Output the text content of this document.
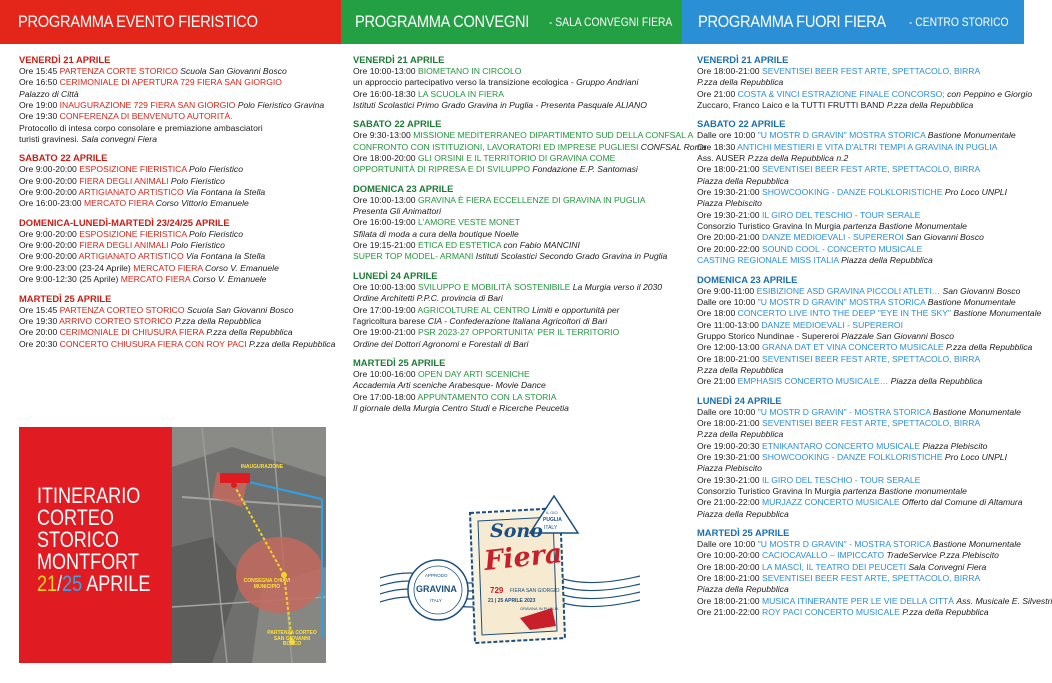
PROGRAMMA EVENTO FIERISTICO	PROGRAMMA CONVEGNI - SALA CONVEGNI FIERA PROGRAMMA FUORI FIERA - CENTRO STORICO
VENERDÌ 21 APRILE
Ore 15:45 PARTENZA CORTE STORICO Scuola San Giovanni Bosco
Ore 16:50 CERIMONIALE DI APERTURA 729 FIERA SAN GIORGIO
Palazzo di Città
Ore 19:00 INAUGURAZIONE 729 FIERA SAN GIORGIO Polo Fieristico Gravina
Ore 19:30 CONFERENZA DI BENVENUTO AUTORITÀ.
Protocollo di intesa corpo consolare e premiazione ambasciatori
turisti gravinesi. Sala convegni Fiera
SABATO 22 APRILE
Ore 9:00-20:00 ESPOSIZIONE FIERISTICA Polo Fieristico
Ore 9:00-20:00 FIERA DEGLI ANIMALI Polo Fieristico
Ore 9:00-20:00 ARTIGIANATO ARTISTICO Via Fontana la Stella
Ore 16:00-23:00 MERCATO FIERA Corso Vittorio Emanuele
DOMENICA-LUNEDÌ-MARTEDÌ 23/24/25 APRILE
Ore 9:00-20:00 ESPOSIZIONE FIERISTICA Polo Fieristico
Ore 9:00-20:00 FIERA DEGLI ANIMALI Polo Fieristico
Ore 9:00-20:00 ARTIGIANATO ARTISTICO Via Fontana la Stella
Ore 9:00-23:00 (23-24 Aprile) MERCATO FIERA Corso V. Emanuele
Ore 9:00-12:30 (25 Aprile) MERCATO FIERA Corso V. Emanuele
MARTEDÌ 25 APRILE
Ore 15:45 PARTENZA CORTEO STORICO Scuola San Giovanni Bosco
Ore 19:30 ARRIVO CORTEO STORICO P.zza della Repubblica
Ore 20:00 CERIMONIALE DI CHIUSURA FIERA P.zza della Repubblica
Ore 20:30 CONCERTO CHIUSURA FIERA CON ROY PACI P.zza della Repubblica
VENERDÌ 21 APRILE
Ore 10:00-13:00 BIOMETANO IN CIRCOLO
un approccio partecipativo verso la transizione ecologica - Gruppo Andriani
Ore 16:00-18:30 LA SCUOLA IN FIERA
Istituti Scolastici Primo Grado Gravina in Puglia - Presenta Pasquale ALIANO
SABATO 22 APRILE
Ore 9:30-13:00 MISSIONE MEDITERRANEO DIPARTIMENTO SUD DELLA CONFSAL A
CONFRONTO CON ISTITUZIONI, LAVORATORI ED IMPRESE PUGLIESI CONFSAL Roma
Ore 18:00-20:00 GLI ORSINI E IL TERRITORIO DI GRAVINA COME
OPPORTUNITÀ DI RIPRESA E DI SVILUPPO Fondazione E.P. Santomasi
DOMENICA 23 APRILE
Ore 10:00-13:00 GRAVINA È FIERA ECCELLENZE DI GRAVINA IN PUGLIA
Presenta Gli Animattori
Ore 16:00-19:00 L'AMORE VESTE MONET
Sfilata di moda a cura della boutique Noelle
Ore 19:15-21:00 ETICA ED ESTETICA con Fabio MANCINI
SUPER TOP MODEL- ARMANI Istituti Scolastici Secondo Grado Gravina in Puglia
LUNEDÌ 24 APRILE
Ore 10:00-13:00 SVILUPPO E MOBILITÀ SOSTENIBILE La Murgia verso il 2030
Ordine Architetti P.P.C. provincia di Bari
Ore 17:00-19:00 AGRICOLTURE AL CENTRO Limiti e opportunità per
l'agricoltura barese CIA - Confederazione Italiana Agricoltori di Bari
Ore 19:00-21:00 PSR 2023-27 OPPORTUNITA' PER IL TERRITORIO
Ordine dei Dottori Agronomi e Forestali di Bari
MARTEDÌ 25 APRILE
Ore 10:00-16:00 OPEN DAY ARTI SCENICHE
Accademia Arti sceniche Arabesque- Movie Dance
Ore 17:00-18:00 APPUNTAMENTO CON LA STORIA
Il giornale della Murgia Centro Studi e Ricerche Peucetia
VENERDÌ 21 APRILE
Ore 18:00-21:00 SEVENTISEI BEER FEST ARTE, SPETTACOLO, BIRRA
P.zza della Repubblica
Ore 21:00 COSTA & VINCI ESTRAZIONE FINALE CONCORSO; con Peppino e Giorgio
Zuccaro, Franco Laico e la TUTTI FRUTTI BAND P.zza della Repubblica
SABATO 22 APRILE
Dalle ore 10:00 "U MOSTR D GRAVIN" MOSTRA STORICA Bastione Monumentale
Ore 18:30 ANTICHI MESTIERI E VITA D'ALTRI TEMPI A GRAVINA IN PUGLIA
Ass. AUSER P.zza della Repubblica n.2
Ore 18:00-21:00 SEVENTISEI BEER FEST ARTE, SPETTACOLO, BIRRA
Piazza della Repubblica
Ore 19:30-21:00 SHOWCOOKING - DANZE FOLKLORISTICHE Pro Loco UNPLI
Piazza Plebiscito
Ore 19:30-21:00 IL GIRO DEL TESCHIO - TOUR SERALE
Consorzio Turistico Gravina In Murgia partenza Bastione Monumentale
Ore 20:00-21:00 DANZE MEDIOEVALI - SUPEREROI San Giovanni Bosco
Ore 20:00-22:00 SOUND COOL - CONCERTO MUSICALE
CASTING REGIONALE MISS ITALIA Piazza della Repubblica
DOMENICA 23 APRILE
Ore 9:00-11:00 ESIBIZIONE ASD GRAVINA PICCOLI ATLETI… San Giovanni Bosco
Dalle ore 10:00 "U MOSTR D GRAVIN" MOSTRA STORICA Bastione Monumentale
Ore 18:00 CONCERTO LIVE INTO THE DEEP "EYE IN THE SKY" Bastione Monumentale
Ore 11:00-13:00 DANZE MEDIOEVALI - SUPEREROI
Gruppo Storico Nundinae - Supereroi Piazzale San Giovanni Bosco
Ore 12:00-13:00 GRANA DAT ET VINA CONCERTO MUSICALE P.zza della Repubblica
Ore 18:00-21:00 SEVENTISEI BEER FEST ARTE, SPETTACOLO, BIRRA
P.zza della Repubblica
Ore 21:00 EMPHASIS CONCERTO MUSICALE… Piazza della Repubblica
LUNEDÌ 24 APRILE
Dalle ore 10:00 "U MOSTR D GRAVIN" - MOSTRA STORICA Bastione Monumentale
Ore 18:00-21:00 SEVENTISEI BEER FEST ARTE, SPETTACOLO, BIRRA
P.zza della Repubblica
Ore 19:00-20:30 ETNIKANTARO CONCERTO MUSICALE Piazza Plebiscito
Ore 19:30-21:00 SHOWCOOKING - DANZE FOLKLORISTICHE Pro Loco UNPLI
Piazza Plebiscito
Ore 19:30-21:00 IL GIRO DEL TESCHIO - TOUR SERALE
Consorzio Turistico Gravina In Murgia partenza Bastione monumentale
Ore 21:00-22:00 MURJAZZ CONCERTO MUSICALE Offerto dal Comune di Altamura
Piazza della Repubblica
MARTEDÌ 25 APRILE
Dalle ore 10:00 "U MOSTR D GRAVIN" - MOSTRA STORICA Bastione Monumentale
Ore 10:00-20:00 CACIOCAVALLO – IMPICCATO TradeService P.zza Plebiscito
Ore 18:00-20:00 LA MASCÌ, IL TEATRO DEI PEUCETI Sala Convegni Fiera
Ore 18:00-21:00 SEVENTISEI BEER FEST ARTE, SPETTACOLO, BIRRA
Piazza della Repubblica
Ore 18:00-21:00 MUSICA ITINERANTE PER LE VIE DELLA CITTÀ Ass. Musicale E. Silvestri
Ore 21:00-22:00 ROY PACI CONCERTO MUSICALE P.zza della Repubblica
ITINERARIO
CORTEO
STORICO
MONTFORT
21/25 APRILE
INAUGURAZIONE
CONSEGNA CHIAVI MUNICIPIO
PARTENZA CORTEO SAN GIOVANNI BOSCO
Sono
Fiera
729 FIERA SAN GIORGIO
21 | 25 APRILE 2023
GRAVINA IN PUGLIA
APPRODO
GRAVINA
ITALY
IL GIO
PUGLIA
ITALY
